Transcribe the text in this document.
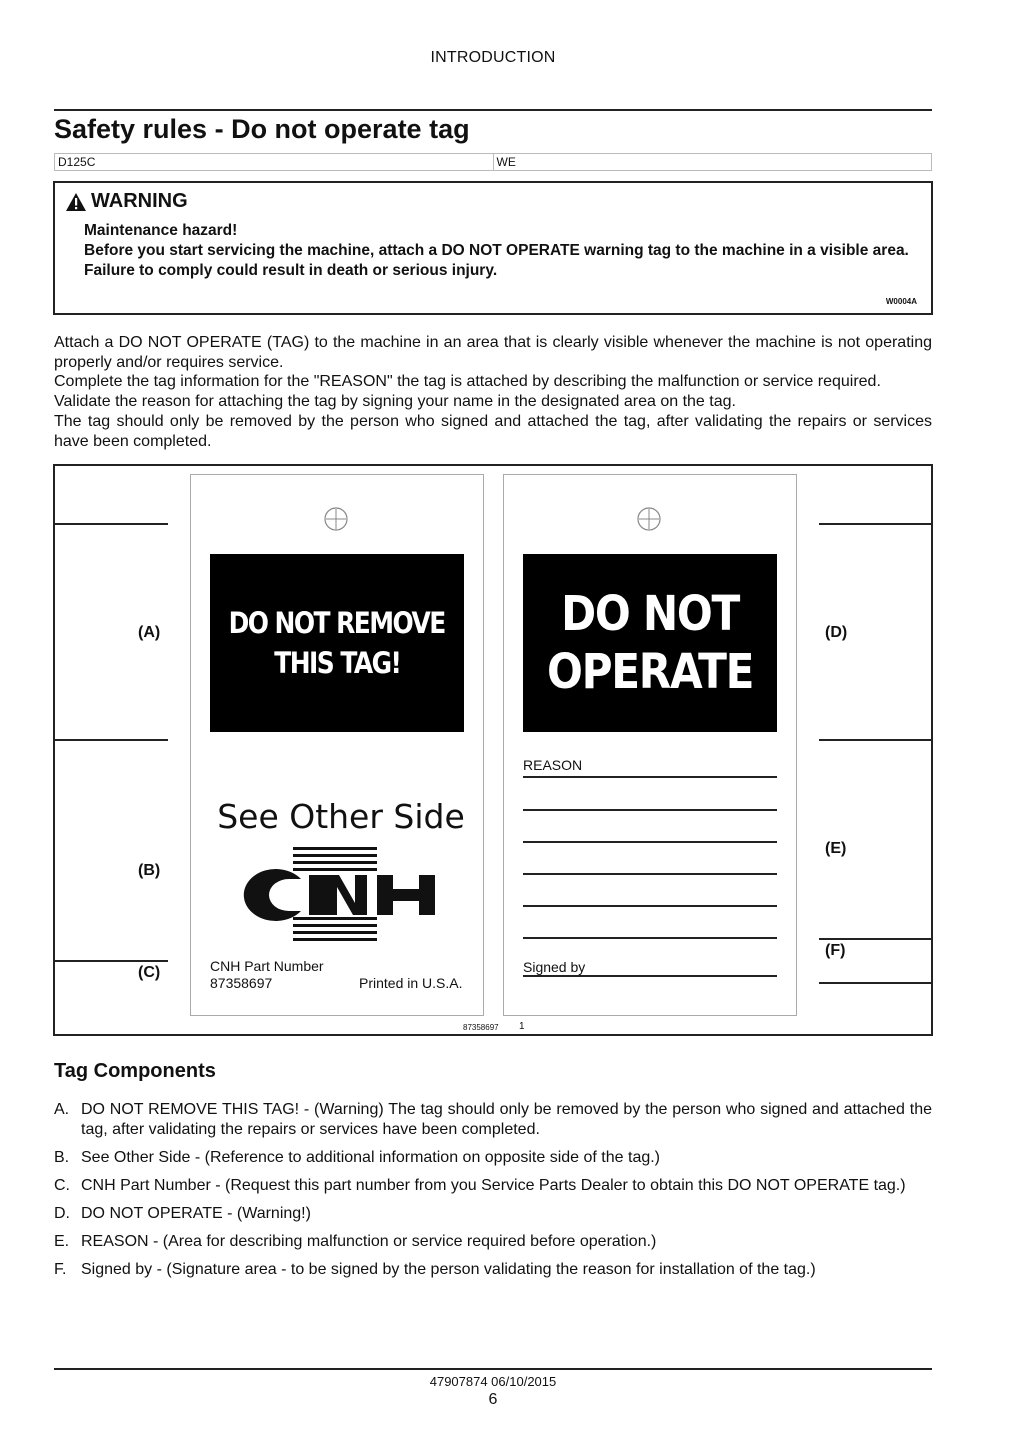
INTRODUCTION
Safety rules - Do not operate tag
D125C	WE
WARNING
Maintenance hazard!
Before you start servicing the machine, attach a DO NOT OPERATE warning tag to the machine in a visible area.
Failure to comply could result in death or serious injury.
W0004A

Attach a DO NOT OPERATE (TAG) to the machine in an area that is clearly visible whenever the machine is not operating properly and/or requires service.

Complete the tag information for the "REASON" the tag is attached by describing the malfunction or service required.

Validate the reason for attaching the tag by signing your name in the designated area on the tag.

The tag should only be removed by the person who signed and attached the tag, after validating the repairs or services have been completed.

(A)
(B)
(C)
(D)
(E)
(F)
DO NOT REMOVE
THIS TAG!
See Other Side
CNH Part Number
87358697	Printed in U.S.A.
DO NOT
OPERATE
REASON
Signed by
87358697 1
Tag Components
A. DO NOT REMOVE THIS TAG! - (Warning) The tag should only be removed by the person who signed and attached the tag, after validating the repairs or services have been completed.
B. See Other Side - (Reference to additional information on opposite side of the tag.)
C. CNH Part Number - (Request this part number from you Service Parts Dealer to obtain this DO NOT OPERATE tag.)
D. DO NOT OPERATE - (Warning!)
E. REASON - (Area for describing malfunction or service required before operation.)
F. Signed by - (Signature area - to be signed by the person validating the reason for installation of the tag.)
47907874 06/10/2015
6
